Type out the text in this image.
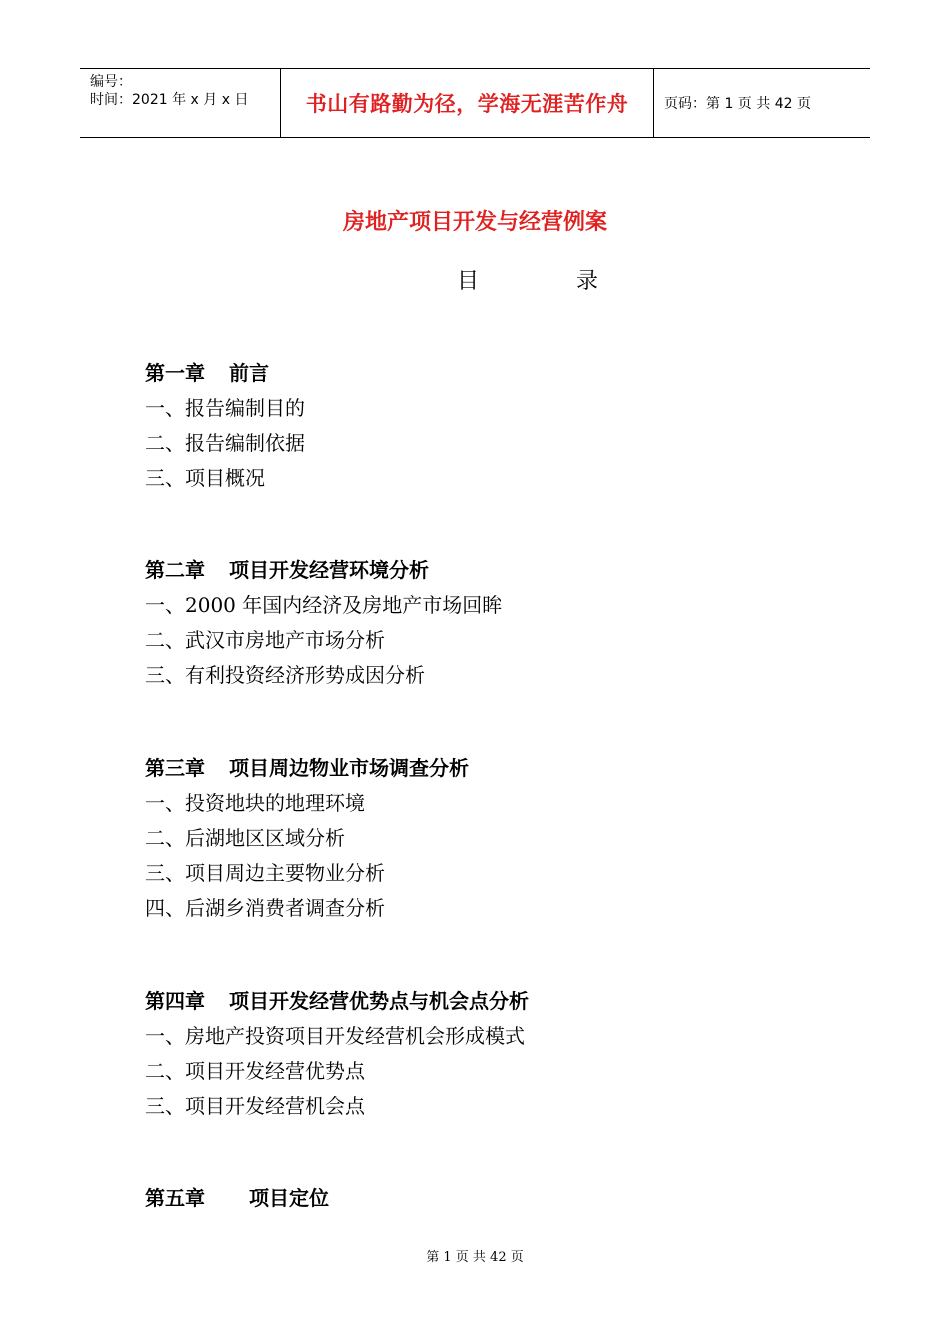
编号：
时间：2021 年 x 月 x 日	书山有路勤为径，学海无涯苦作舟	页码：第 1 页 共 42 页
房地产项目开发与经营例案
目	录
第一章 前言
一、报告编制目的
二、报告编制依据
三、项目概况
第二章 项目开发经营环境分析
一、2000 年国内经济及房地产市场回眸
二、武汉市房地产市场分析
三、有利投资经济形势成因分析
第三章 项目周边物业市场调查分析
一、投资地块的地理环境
二、后湖地区区域分析
三、项目周边主要物业分析
四、后湖乡消费者调查分析
第四章 项目开发经营优势点与机会点分析
一、房地产投资项目开发经营机会形成模式
二、项目开发经营优势点
三、项目开发经营机会点
第五章 项目定位
第 1 页 共 42 页
